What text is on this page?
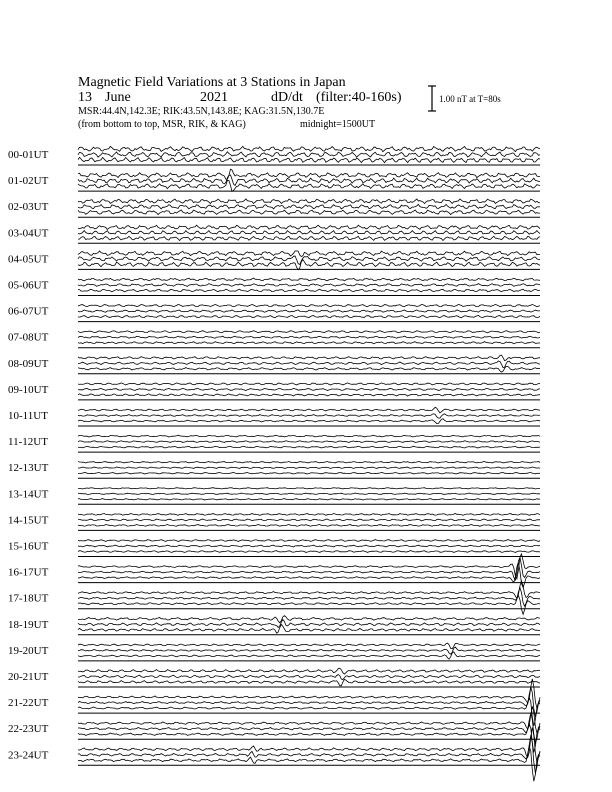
Magnetic Field Variations at 3 Stations in Japan
13 June	2021	dD/dt (filter:40-160s)
MSR:44.4N,142.3E; RIK:43.5N,143.8E; KAG:31.5N,130.7E
(from bottom to top, MSR, RIK, & KAG)	midnight=1500UT
1.00 nT at T=80s
00-01UT
01-02UT
02-03UT
03-04UT
04-05UT
05-06UT
06-07UT
07-08UT
08-09UT
09-10UT
10-11UT
11-12UT
12-13UT
13-14UT
14-15UT
15-16UT
16-17UT
17-18UT
18-19UT
19-20UT
20-21UT
21-22UT
22-23UT
23-24UT
